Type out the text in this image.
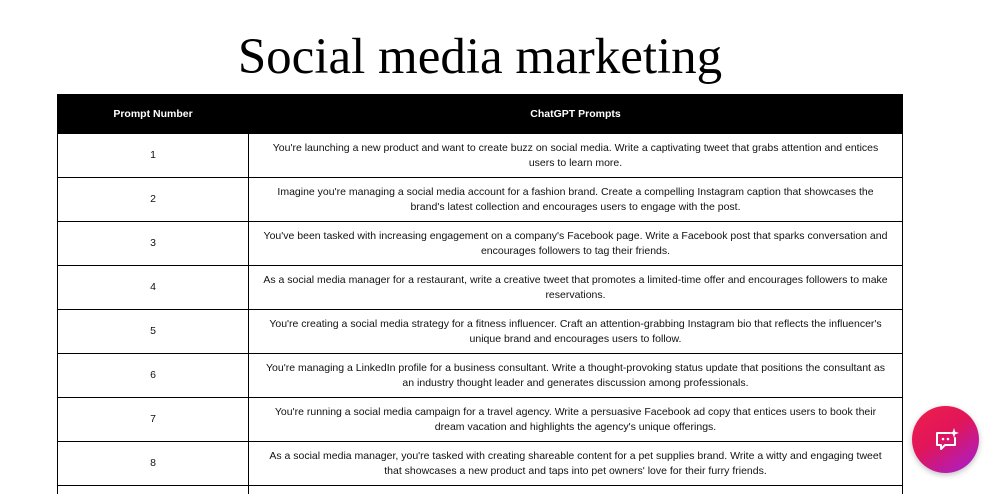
Social media marketing
Prompt Number	ChatGPT Prompts
1	You're launching a new product and want to create buzz on social media. Write a captivating tweet that grabs attention and entices users to learn more.
2	Imagine you're managing a social media account for a fashion brand. Create a compelling Instagram caption that showcases the brand's latest collection and encourages users to engage with the post.
3	You've been tasked with increasing engagement on a company's Facebook page. Write a Facebook post that sparks conversation and encourages followers to tag their friends.
4	As a social media manager for a restaurant, write a creative tweet that promotes a limited-time offer and encourages followers to make reservations.
5	You're creating a social media strategy for a fitness influencer. Craft an attention-grabbing Instagram bio that reflects the influencer's unique brand and encourages users to follow.
6	You're managing a LinkedIn profile for a business consultant. Write a thought-provoking status update that positions the consultant as an industry thought leader and generates discussion among professionals.
7	You're running a social media campaign for a travel agency. Write a persuasive Facebook ad copy that entices users to book their dream vacation and highlights the agency's unique offerings.
8	As a social media manager, you're tasked with creating shareable content for a pet supplies brand. Write a witty and engaging tweet that showcases a new product and taps into pet owners' love for their furry friends.
